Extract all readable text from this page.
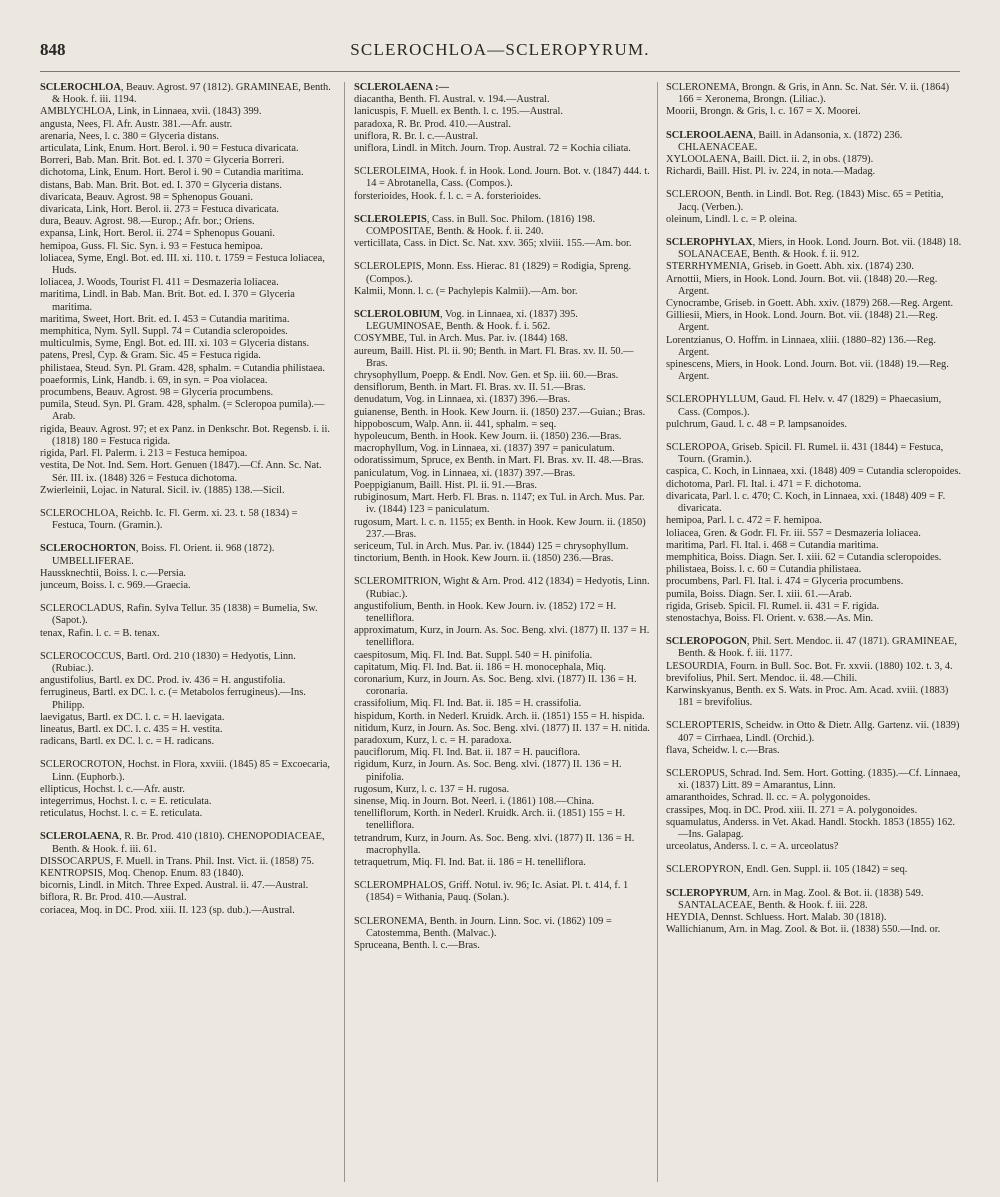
848	SCLEROCHLOA—SCLEROPYRUM.
SCLEROCHLOA, Beauv. Agrost. 97 (1812). GRAMINEAE, Benth. & Hook. f. iii. 1194.
AMBLYCHLOA, Link, in Linnaea, xvii. (1843) 399.
angusta, Nees, Fl. Afr. Austr. 381.—Afr. austr.
arenaria, Nees, l. c. 380 = Glyceria distans.
articulata, Link, Enum. Hort. Berol. i. 90 = Festuca divaricata.
Borreri, Bab. Man. Brit. Bot. ed. I. 370 = Glyceria Borreri.
dichotoma, Link, Enum. Hort. Berol i. 90 = Cutandia maritima.
distans, Bab. Man. Brit. Bot. ed. I. 370 = Glyceria distans.
divaricata, Beauv. Agrost. 98 = Sphenopus Gouani.
divaricata, Link, Hort. Berol. ii. 273 = Festuca divaricata.
dura, Beauv. Agrost. 98.—Europ.; Afr. bor.; Oriens.
expansa, Link, Hort. Berol. ii. 274 = Sphenopus Gouani.
hemipoa, Guss. Fl. Sic. Syn. i. 93 = Festuca hemipoa.
loliacea, Syme, Engl. Bot. ed. III. xi. 110. t. 1759 = Festuca loliacea, Huds.
loliacea, J. Woods, Tourist Fl. 411 = Desmazeria loliacea.
maritima, Lindl. in Bab. Man. Brit. Bot. ed. I. 370 = Glyceria maritima.
maritima, Sweet, Hort. Brit. ed. I. 453 = Cutandia maritima.
memphitica, Nym. Syll. Suppl. 74 = Cutandia scleropoides.
multiculmis, Syme, Engl. Bot. ed. III. xi. 103 = Glyceria distans.
patens, Presl, Cyp. & Gram. Sic. 45 = Festuca rigida.
philistaea, Steud. Syn. Pl. Gram. 428, sphalm. = Cutandia philistaea.
poaeformis, Link, Handb. i. 69, in syn. = Poa violacea.
procumbens, Beauv. Agrost. 98 = Glyceria procumbens.
pumila, Steud. Syn. Pl. Gram. 428, sphalm. (= Scleropoa pumila).—Arab.
rigida, Beauv. Agrost. 97; et ex Panz. in Denkschr. Bot. Regensb. i. ii. (1818) 180 = Festuca rigida.
rigida, Parl. Fl. Palerm. i. 213 = Festuca hemipoa.
vestita, De Not. Ind. Sem. Hort. Genuen (1847).—Cf. Ann. Sc. Nat. Sér. III. ix. (1848) 326 = Festuca dichotoma.
Zwierleinii, Lojac. in Natural. Sicil. iv. (1885) 138.—Sicil.
SCLEROCHLOA, Reichb. Ic. Fl. Germ. xi. 23. t. 58 (1834) = Festuca, Tourn. (Gramin.).
SCLEROCHORTON, Boiss. Fl. Orient. ii. 968 (1872). UMBELLIFERAE.
Haussknechtii, Boiss. l. c.—Persia.
junceum, Boiss. l. c. 969.—Graecia.
SCLEROCLADUS, Rafin. Sylva Tellur. 35 (1838) = Bumelia, Sw. (Sapot.).
tenax, Rafin. l. c. = B. tenax.
SCLEROCOCCUS, Bartl. Ord. 210 (1830) = Hedyotis, Linn. (Rubiac.).
angustifolius, Bartl. ex DC. Prod. iv. 436 = H. angustifolia.
ferrugineus, Bartl. ex DC. l. c. (= Metabolos ferrugineus).—Ins. Philipp.
laevigatus, Bartl. ex DC. l. c. = H. laevigata.
lineatus, Bartl. ex DC. l. c. 435 = H. vestita.
radicans, Bartl. ex DC. l. c. = H. radicans.
SCLEROCROTON, Hochst. in Flora, xxviii. (1845) 85 = Excoecaria, Linn. (Euphorb.).
ellipticus, Hochst. l. c.—Afr. austr.
integerrimus, Hochst. l. c. = E. reticulata.
reticulatus, Hochst. l. c. = E. reticulata.
SCLEROLAENA, R. Br. Prod. 410 (1810). CHENOPODIACEAE, Benth. & Hook. f. iii. 61.
DISSOCARPUS, F. Muell. in Trans. Phil. Inst. Vict. ii. (1858) 75.
KENTROPSIS, Moq. Chenop. Enum. 83 (1840).
bicornis, Lindl. in Mitch. Three Exped. Austral. ii. 47.—Austral.
biflora, R. Br. Prod. 410.—Austral.
coriacea, Moq. in DC. Prod. xiii. II. 123 (sp. dub.).—Austral.
SCLEROLAENA :—
diacantha, Benth. Fl. Austral. v. 194.—Austral.
lanicuspis, F. Muell. ex Benth. l. c. 195.—Austral.
paradoxa, R. Br. Prod. 410.—Austral.
uniflora, R. Br. l. c.—Austral.
uniflora, Lindl. in Mitch. Journ. Trop. Austral. 72 = Kochia ciliata.
SCLEROLEIMA, Hook. f. in Hook. Lond. Journ. Bot. v. (1847) 444. t. 14 = Abrotanella, Cass. (Compos.).
forsterioides, Hook. f. l. c. = A. forsterioides.
SCLEROLEPIS, Cass. in Bull. Soc. Philom. (1816) 198. COMPOSITAE, Benth. & Hook. f. ii. 240.
verticillata, Cass. in Dict. Sc. Nat. xxv. 365; xlviii. 155.—Am. bor.
SCLEROLEPIS, Monn. Ess. Hierac. 81 (1829) = Rodigia, Spreng. (Compos.).
Kalmii, Monn. l. c. (= Pachylepis Kalmii).—Am. bor.
SCLEROLOBIUM, Vog. in Linnaea, xi. (1837) 395. LEGUMINOSAE, Benth. & Hook. f. i. 562.
COSYMBE, Tul. in Arch. Mus. Par. iv. (1844) 168.
aureum, Baill. Hist. Pl. ii. 90; Benth. in Mart. Fl. Bras. xv. II. 50.—Bras.
chrysophyllum, Poepp. & Endl. Nov. Gen. et Sp. iii. 60.—Bras.
densiflorum, Benth. in Mart. Fl. Bras. xv. II. 51.—Bras.
denudatum, Vog. in Linnaea, xi. (1837) 396.—Bras.
guianense, Benth. in Hook. Kew Journ. ii. (1850) 237.—Guian.; Bras.
hippoboscum, Walp. Ann. ii. 441, sphalm. = seq.
hypoleucum, Benth. in Hook. Kew Journ. ii. (1850) 236.—Bras.
macrophyllum, Vog. in Linnaea, xi. (1837) 397 = paniculatum.
odoratissimum, Spruce, ex Benth. in Mart. Fl. Bras. xv. II. 48.—Bras.
paniculatum, Vog. in Linnaea, xi. (1837) 397.—Bras.
Poeppigianum, Baill. Hist. Pl. ii. 91.—Bras.
rubiginosum, Mart. Herb. Fl. Bras. n. 1147; ex Tul. in Arch. Mus. Par. iv. (1844) 123 = paniculatum.
rugosum, Mart. l. c. n. 1155; ex Benth. in Hook. Kew Journ. ii. (1850) 237.—Bras.
sericeum, Tul. in Arch. Mus. Par. iv. (1844) 125 = chrysophyllum.
tinctorium, Benth. in Hook. Kew Journ. ii. (1850) 236.—Bras.
SCLEROMITRION, Wight & Arn. Prod. 412 (1834) = Hedyotis, Linn. (Rubiac.).
angustifolium, Benth. in Hook. Kew Journ. iv. (1852) 172 = H. tenelliflora.
approximatum, Kurz, in Journ. As. Soc. Beng. xlvi. (1877) II. 137 = H. tenelliflora.
caespitosum, Miq. Fl. Ind. Bat. Suppl. 540 = H. pinifolia.
capitatum, Miq. Fl. Ind. Bat. ii. 186 = H. monocephala, Miq.
coronarium, Kurz, in Journ. As. Soc. Beng. xlvi. (1877) II. 136 = H. coronaria.
crassifolium, Miq. Fl. Ind. Bat. ii. 185 = H. crassifolia.
hispidum, Korth. in Nederl. Kruidk. Arch. ii. (1851) 155 = H. hispida.
nitidum, Kurz, in Journ. As. Soc. Beng. xlvi. (1877) II. 137 = H. nitida.
paradoxum, Kurz, l. c. = H. paradoxa.
pauciflorum, Miq. Fl. Ind. Bat. ii. 187 = H. pauciflora.
rigidum, Kurz, in Journ. As. Soc. Beng. xlvi. (1877) II. 136 = H. pinifolia.
rugosum, Kurz, l. c. 137 = H. rugosa.
sinense, Miq. in Journ. Bot. Neerl. i. (1861) 108.—China.
tenelliflorum, Korth. in Nederl. Kruidk. Arch. ii. (1851) 155 = H. tenelliflora.
tetrandrum, Kurz, in Journ. As. Soc. Beng. xlvi. (1877) II. 136 = H. macrophylla.
tetraquetrum, Miq. Fl. Ind. Bat. ii. 186 = H. tenelliflora.
SCLEROMPHALOS, Griff. Notul. iv. 96; Ic. Asiat. Pl. t. 414, f. 1 (1854) = Withania, Pauq. (Solan.).
SCLERONEMA, Benth. in Journ. Linn. Soc. vi. (1862) 109 = Catostemma, Benth. (Malvac.).
Spruceana, Benth. l. c.—Bras.
SCLERONEMA, Brongn. & Gris, in Ann. Sc. Nat. Sér. V. ii. (1864) 166 = Xeronema, Brongn. (Liliac.).
Moorii, Brongn. & Gris, l. c. 167 = X. Moorei.
SCLEROOLAENA, Baill. in Adansonia, x. (1872) 236. CHLAENACEAE.
XYLOOLAENA, Baill. Dict. ii. 2, in obs. (1879).
Richardi, Baill. Hist. Pl. iv. 224, in nota.—Madag.
SCLEROON, Benth. in Lindl. Bot. Reg. (1843) Misc. 65 = Petitia, Jacq. (Verben.).
oleinum, Lindl. l. c. = P. oleina.
SCLEROPHYLAX, Miers, in Hook. Lond. Journ. Bot. vii. (1848) 18. SOLANACEAE, Benth. & Hook. f. ii. 912.
STERRHYMENIA, Griseb. in Goett. Abh. xix. (1874) 230.
Arnottii, Miers, in Hook. Lond. Journ. Bot. vii. (1848) 20.—Reg. Argent.
Cynocrambe, Griseb. in Goett. Abh. xxiv. (1879) 268.—Reg. Argent.
Gilliesii, Miers, in Hook. Lond. Journ. Bot. vii. (1848) 21.—Reg. Argent.
Lorentzianus, O. Hoffm. in Linnaea, xliii. (1880–82) 136.—Reg. Argent.
spinescens, Miers, in Hook. Lond. Journ. Bot. vii. (1848) 19.—Reg. Argent.
SCLEROPHYLLUM, Gaud. Fl. Helv. v. 47 (1829) = Phaecasium, Cass. (Compos.).
pulchrum, Gaud. l. c. 48 = P. lampsanoides.
SCLEROPOA, Griseb. Spicil. Fl. Rumel. ii. 431 (1844) = Festuca, Tourn. (Gramin.).
caspica, C. Koch, in Linnaea, xxi. (1848) 409 = Cutandia scleropoides.
dichotoma, Parl. Fl. Ital. i. 471 = F. dichotoma.
divaricata, Parl. l. c. 470; C. Koch, in Linnaea, xxi. (1848) 409 = F. divaricata.
hemipoa, Parl. l. c. 472 = F. hemipoa.
loliacea, Gren. & Godr. Fl. Fr. iii. 557 = Desmazeria loliacea.
maritima, Parl. Fl. Ital. i. 468 = Cutandia maritima.
memphitica, Boiss. Diagn. Ser. I. xiii. 62 = Cutandia scleropoides.
philistaea, Boiss. l. c. 60 = Cutandia philistaea.
procumbens, Parl. Fl. Ital. i. 474 = Glyceria procumbens.
pumila, Boiss. Diagn. Ser. I. xiii. 61.—Arab.
rigida, Griseb. Spicil. Fl. Rumel. ii. 431 = F. rigida.
stenostachya, Boiss. Fl. Orient. v. 638.—As. Min.
SCLEROPOGON, Phil. Sert. Mendoc. ii. 47 (1871). GRAMINEAE, Benth. & Hook. f. iii. 1177.
LESOURDIA, Fourn. in Bull. Soc. Bot. Fr. xxvii. (1880) 102. t. 3, 4.
brevifolius, Phil. Sert. Mendoc. ii. 48.—Chili.
Karwinskyanus, Benth. ex S. Wats. in Proc. Am. Acad. xviii. (1883) 181 = brevifolius.
SCLEROPTERIS, Scheidw. in Otto & Dietr. Allg. Gartenz. vii. (1839) 407 = Cirrhaea, Lindl. (Orchid.).
flava, Scheidw. l. c.—Bras.
SCLEROPUS, Schrad. Ind. Sem. Hort. Gotting. (1835).—Cf. Linnaea, xi. (1837) Litt. 89 = Amarantus, Linn.
amaranthoides, Schrad. ll. cc. = A. polygonoides.
crassipes, Moq. in DC. Prod. xiii. II. 271 = A. polygonoides.
squamulatus, Anderss. in Vet. Akad. Handl. Stockh. 1853 (1855) 162.—Ins. Galapag.
urceolatus, Anderss. l. c. = A. urceolatus?
SCLEROPYRON, Endl. Gen. Suppl. ii. 105 (1842) = seq.
SCLEROPYRUM, Arn. in Mag. Zool. & Bot. ii. (1838) 549. SANTALACEAE, Benth. & Hook. f. iii. 228.
HEYDIA, Dennst. Schluess. Hort. Malab. 30 (1818).
Wallichianum, Arn. in Mag. Zool. & Bot. ii. (1838) 550.—Ind. or.
